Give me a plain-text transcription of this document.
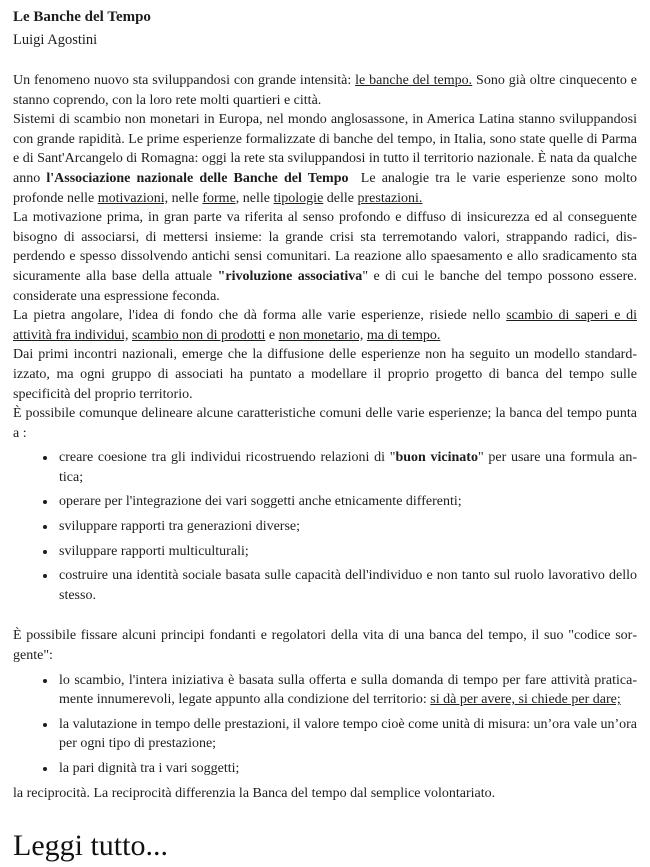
Le Banche del Tempo

Luigi Agostini

Un fenomeno nuovo sta sviluppandosi con grande intensità: le banche del tempo. Sono già oltre cinquecento e stanno coprendo, con la loro rete molti quartieri e città.

Sistemi di scambio non monetari in Europa, nel mondo anglosassone, in America Latina stanno sviluppandosi con grande rapidità. Le prime esperienze formalizzate di banche del tempo, in Italia, sono state quelle di Parma e di Sant'Arcangelo di Romagna: oggi la rete sta sviluppandosi in tutto il territorio nazionale. È nata da qualche anno l'Associazione nazionale delle Banche del Tempo  Le analogie tra le varie esperienze sono molto profonde nelle motivazioni, nelle forme, nelle tipologie delle prestazioni.

La motivazione prima, in gran parte va riferita al senso profondo e diffuso di insicurezza ed al conseguente bisogno di associarsi, di mettersi insieme: la grande crisi sta terremotando valori, strappando radici, disperdendo e spesso dissolvendo antichi sensi comunitari. La reazione allo spaesamento e allo sradicamento sta sicuramente alla base della attuale "rivoluzione associativa" e di cui le banche del tempo possono essere. considerate una espressione feconda.

La pietra angolare, l'idea di fondo che dà forma alle varie esperienze, risiede nello scambio di saperi e di attività fra individui, scambio non di prodotti e non monetario, ma di tempo.

Dai primi incontri nazionali, emerge che la diffusione delle esperienze non ha seguito un modello standardizzato, ma ogni gruppo di associati ha puntato a modellare il proprio progetto di banca del tempo sulle specificità del proprio territorio.

È possibile comunque delineare alcune caratteristiche comuni delle varie esperienze; la banca del tempo punta a :

• creare coesione tra gli individui ricostruendo relazioni di "buon vicinato" per usare una formula antica;
• operare per l'integrazione dei vari soggetti anche etnicamente differenti;
• sviluppare rapporti tra generazioni diverse;
• sviluppare rapporti multiculturali;
• costruire una identità sociale basata sulle capacità dell'individuo e non tanto sul ruolo lavorativo dello stesso.

È possibile fissare alcuni principi fondanti e regolatori della vita di una banca del tempo, il suo "codice sorgente":

• lo scambio, l'intera iniziativa è basata sulla offerta e sulla domanda di tempo per fare attività praticamente innumerevoli, legate appunto alla condizione del territorio: si dà per avere, si chiede per dare;
• la valutazione in tempo delle prestazioni, il valore tempo cioè come unità di misura: un’ora vale un’ora per ogni tipo di prestazione;
• la pari dignità tra i vari soggetti;

la reciprocità. La reciprocità differenzia la Banca del tempo dal semplice volontariato.

Leggi tutto...
